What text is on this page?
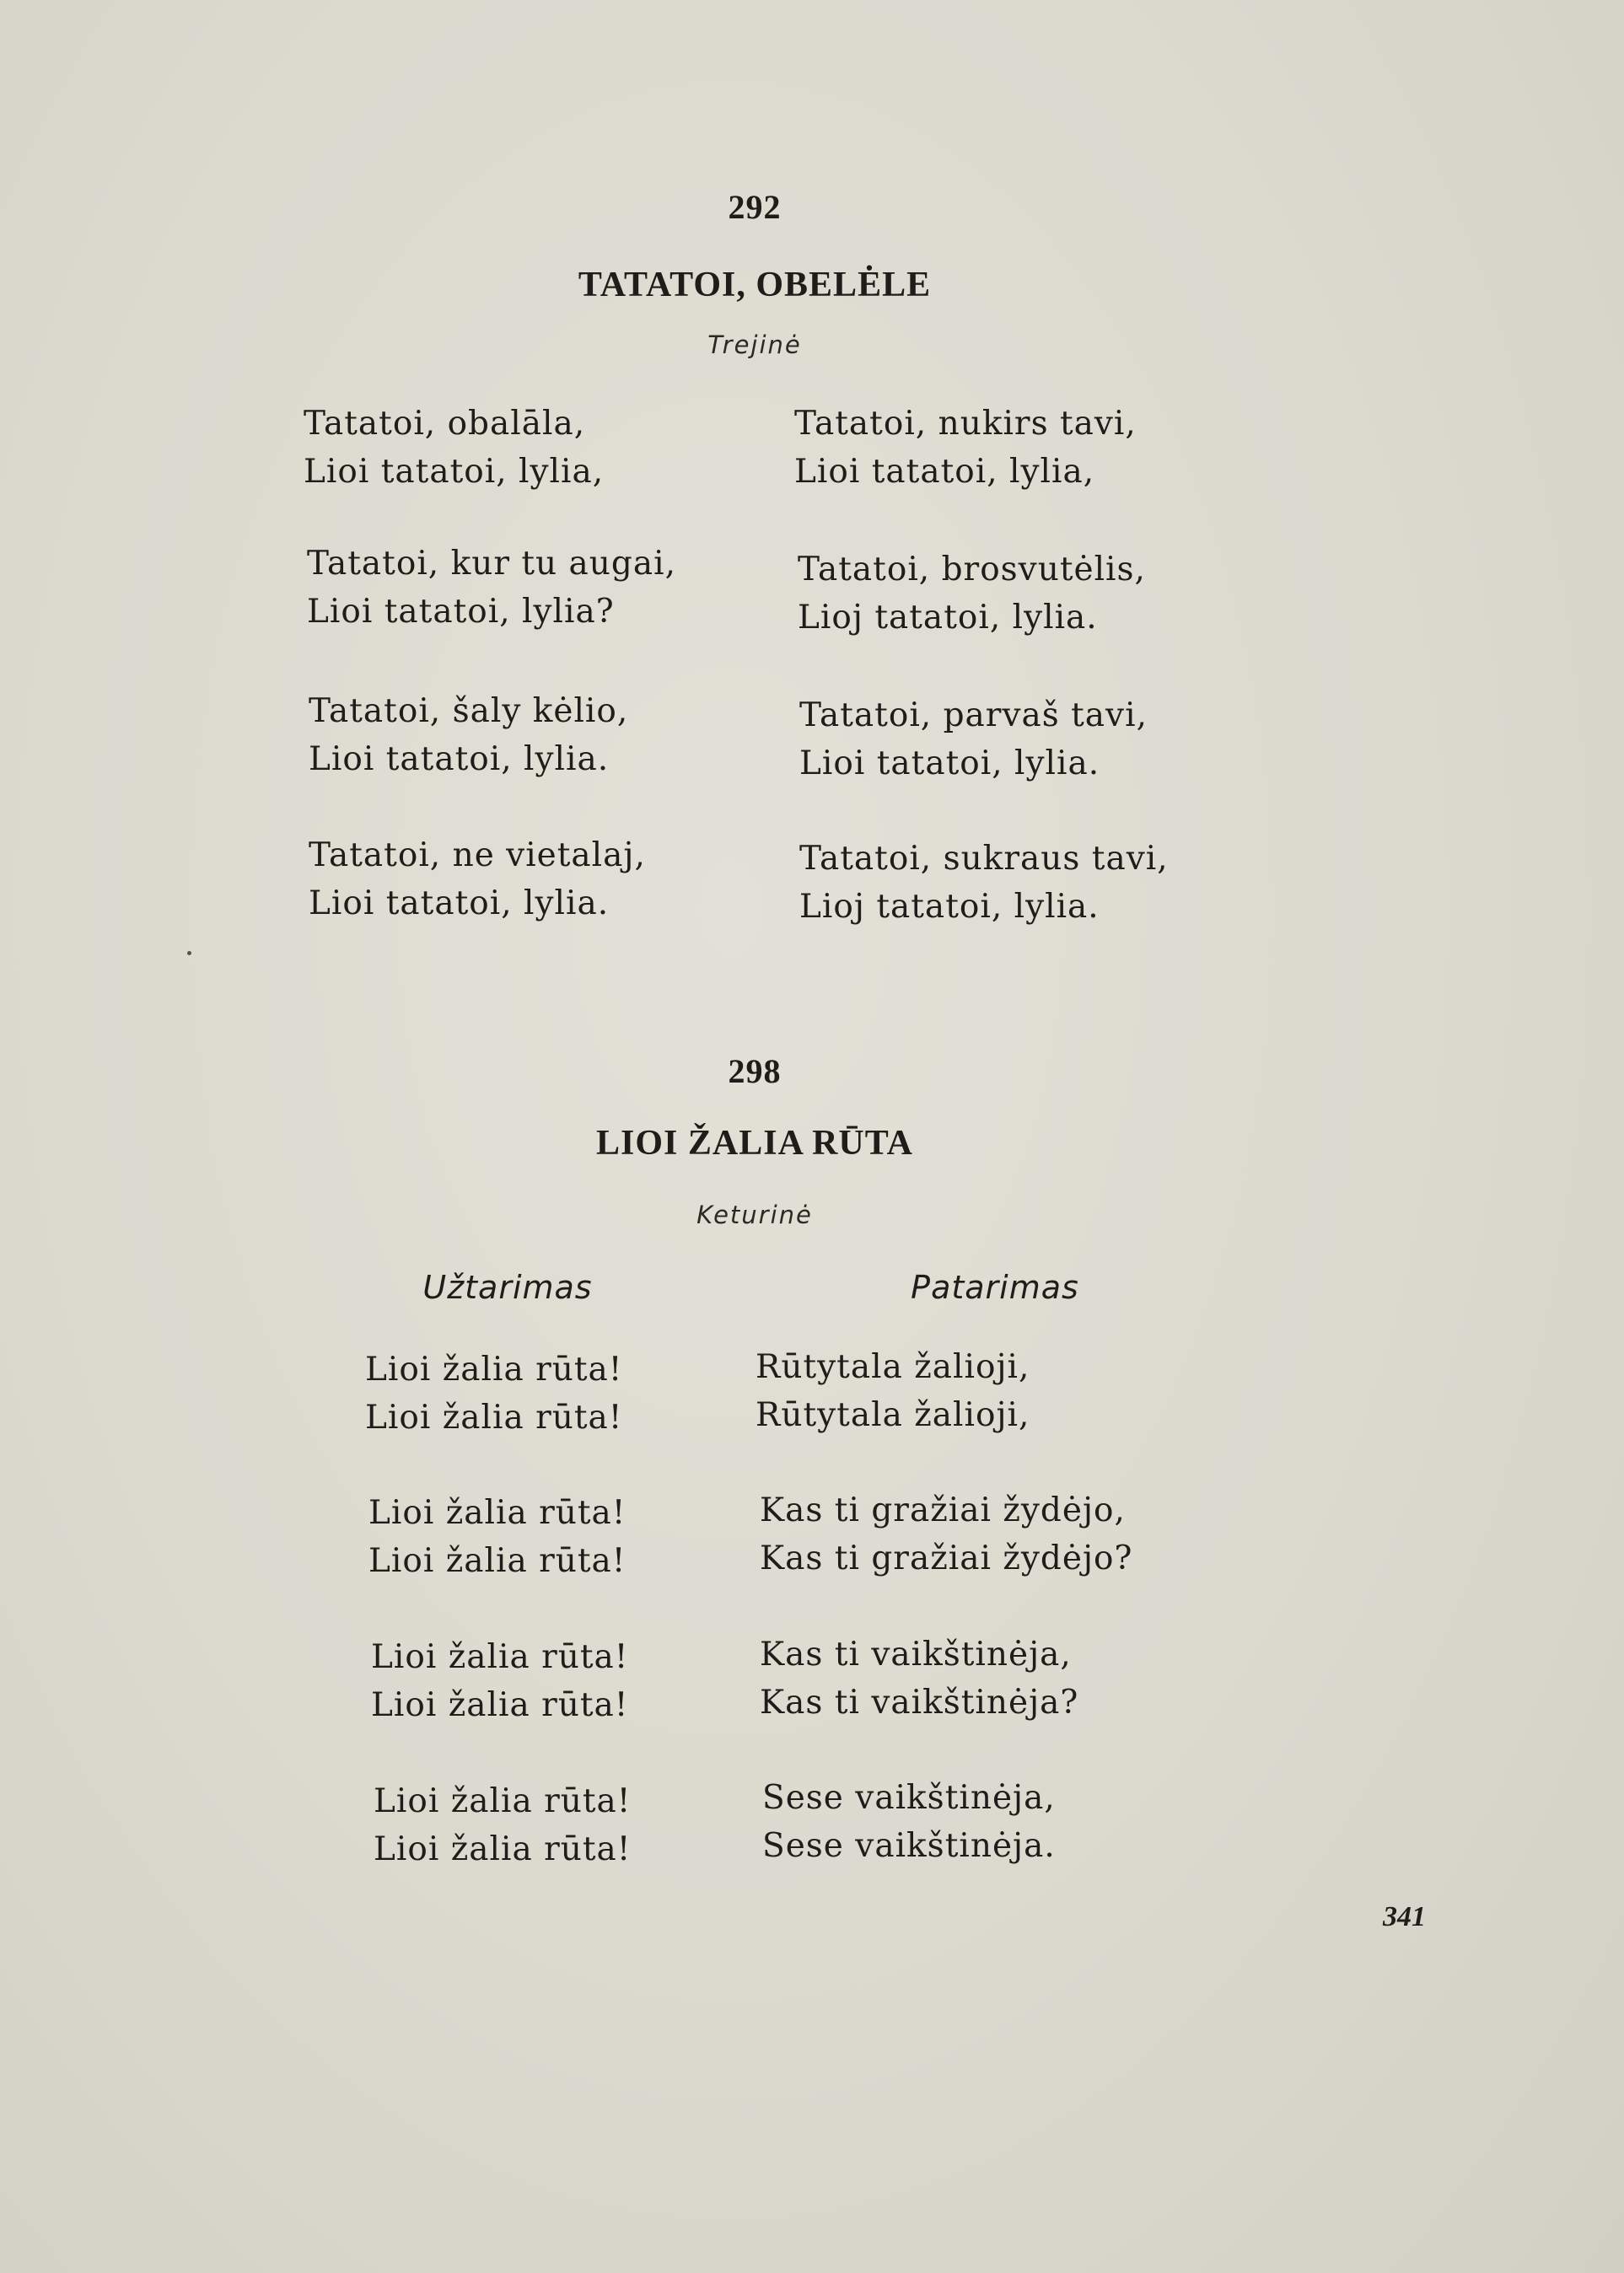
292
TATATOI, OBELĖLE
Trejinė
Tatatoi, obalāla,
Lioi tatatoi, lylia,
Tatatoi, kur tu augai,
Lioi tatatoi, lylia?
Tatatoi, šaly kėlio,
Lioi tatatoi, lylia.
Tatatoi, ne vietalaj,
Lioi tatatoi, lylia.
Tatatoi, nukirs tavi,
Lioi tatatoi, lylia,
Tatatoi, brosvutėlis,
Lioj tatatoi, lylia.
Tatatoi, parvaš tavi,
Lioi tatatoi, lylia.
Tatatoi, sukraus tavi,
Lioj tatatoi, lylia.
298
LIOI ŽALIA RŪTA
Keturinė
Užtarimas	Patarimas
Lioi žalia rūta!
Lioi žalia rūta!
Lioi žalia rūta!
Lioi žalia rūta!
Lioi žalia rūta!
Lioi žalia rūta!
Lioi žalia rūta!
Lioi žalia rūta!
Rūtytala žalioji,
Rūtytala žalioji,
Kas ti gražiai žydėjo,
Kas ti gražiai žydėjo?
Kas ti vaikštinėja,
Kas ti vaikštinėja?
Sese vaikštinėja,
Sese vaikštinėja.
341
